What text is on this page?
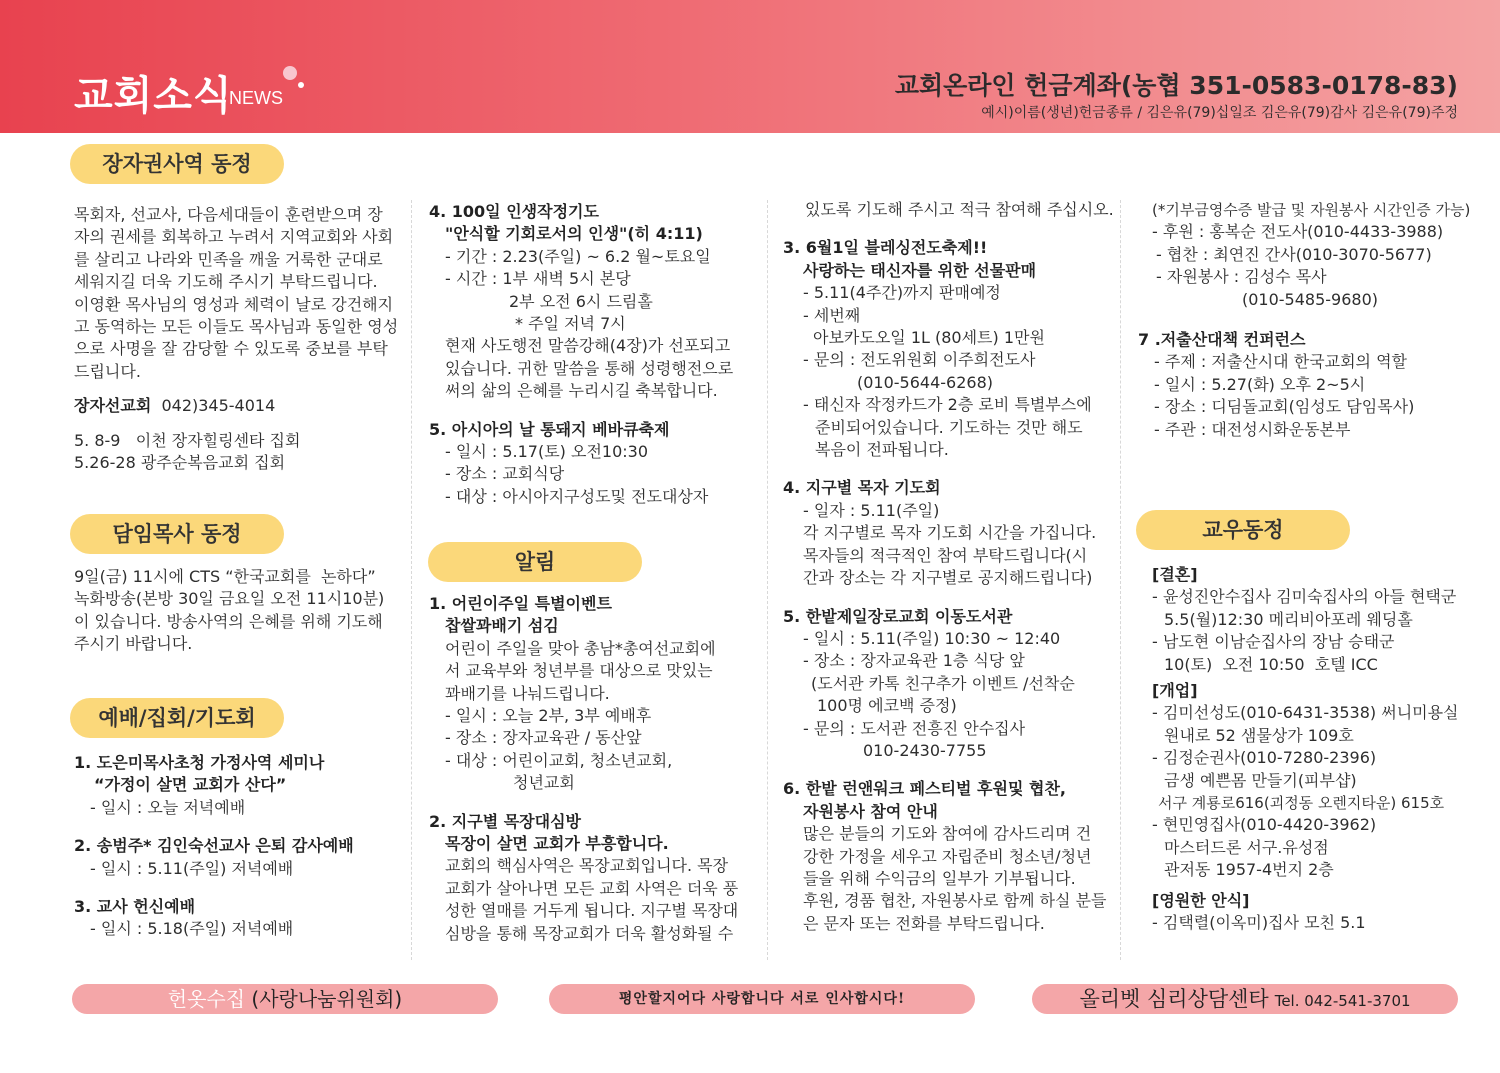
교회소식
NEWS	교회온라인 헌금계좌(농협 351-0583-0178-83)
예시)이름(생년)헌금종류 / 김은유(79)십일조 김은유(79)감사 김은유(79)주정
장자권사역 동정
담임목사 동정
예배/집회/기도회
알림
교우동정

목회자, 선교사, 다음세대들이 훈련받으며 장

자의 권세를 회복하고 누려서 지역교회와 사회

를 살리고 나라와 민족을 깨울 거룩한 군대로

세워지길 더욱 기도해 주시기 부탁드립니다.

이영환 목사님의 영성과 체력이 날로 강건해지

고 동역하는 모든 이들도 목사님과 동일한 영성

으로 사명을 잘 감당할 수 있도록 중보를 부탁

드립니다.

장자선교회 042)345-4014

5. 8-9   이천 장자힐링센타 집회

5.26-28 광주순복음교회 집회

9일(금) 11시에 CTS “한국교회를  논하다”

녹화방송(본방 30일 금요일 오전 11시10분)

이 있습니다. 방송사역의 은혜를 위해 기도해

주시기 바랍니다.

1. 도은미목사초청 가정사역 세미나

“가정이 살면 교회가 산다”

- 일시 : 오늘 저녁예배

2. 송범주* 김인숙선교사 은퇴 감사예배

- 일시 : 5.11(주일) 저녁예배

3. 교사 헌신예배

- 일시 : 5.18(주일) 저녁예배

4. 100일 인생작정기도

"안식할 기회로서의 인생"(히 4:11)

- 기간 : 2.23(주일) ~ 6.2 월~토요일

- 시간 : 1부 새벽 5시 본당

2부 오전 6시 드림홀

* 주일 저녁 7시

현재 사도행전 말씀강해(4장)가 선포되고

있습니다. 귀한 말씀을 통해 성령행전으로

써의 삶의 은혜를 누리시길 축복합니다.

5. 아시아의 날 통돼지 베바큐축제

- 일시 : 5.17(토) 오전10:30

- 장소 : 교회식당

- 대상 : 아시아지구성도및 전도대상자

1. 어린이주일 특별이벤트

찹쌀꽈배기 섬김

어린이 주일을 맞아 총남*총여선교회에

서 교육부와 청년부를 대상으로 맛있는

꽈배기를 나눠드립니다.

- 일시 : 오늘 2부, 3부 예배후

- 장소 : 장자교육관 / 동산앞

- 대상 : 어린이교회, 청소년교회,

청년교회

2. 지구별 목장대심방

목장이 살면 교회가 부흥합니다.

교회의 핵심사역은 목장교회입니다. 목장

교회가 살아나면 모든 교회 사역은 더욱 풍

성한 열매를 거두게 됩니다. 지구별 목장대

심방을 통해 목장교회가 더욱 활성화될 수

있도록 기도해 주시고 적극 참여해 주십시오.

3. 6월1일 블레싱전도축제!!

사랑하는 태신자를 위한 선물판매

- 5.11(4주간)까지 판매예정

- 세번째

아보카도오일 1L (80세트) 1만원

- 문의 : 전도위원회 이주희전도사

(010-5644-6268)

- 태신자 작정카드가 2층 로비 특별부스에

준비되어있습니다. 기도하는 것만 해도

복음이 전파됩니다.

4. 지구별 목자 기도회

- 일자 : 5.11(주일)

각 지구별로 목자 기도회 시간을 가집니다.

목자들의 적극적인 참여 부탁드립니다(시

간과 장소는 각 지구별로 공지해드립니다)

5. 한밭제일장로교회 이동도서관

- 일시 : 5.11(주일) 10:30 ~ 12:40

- 장소 : 장자교육관 1층 식당 앞

(도서관 카톡 친구추가 이벤트 /선착순

100명 에코백 증정)

- 문의 : 도서관 전흥진 안수집사

010-2430-7755

6. 한밭 런앤워크 페스티벌 후원및 협찬,

자원봉사 참여 안내

많은 분들의 기도와 참여에 감사드리며 건

강한 가정을 세우고 자립준비 청소년/청년

들을 위해 수익금의 일부가 기부됩니다.

후원, 경품 협찬, 자원봉사로 함께 하실 분들

은 문자 또는 전화를 부탁드립니다.

(*기부금영수증 발급 및 자원봉사 시간인증 가능)

- 후원 : 홍복순 전도사(010-4433-3988)

- 협찬 : 최연진 간사(010-3070-5677)

- 자원봉사 : 김성수 목사

(010-5485-9680)

7 .저출산대책 컨퍼런스

- 주제 : 저출산시대 한국교회의 역할

- 일시 : 5.27(화) 오후 2~5시

- 장소 : 디딤돌교회(임성도 담임목사)

- 주관 : 대전성시화운동본부

[결혼]

- 윤성진안수집사 김미숙집사의 아들 현택군

5.5(월)12:30 메리비아포레 웨딩홀

- 남도현 이남순집사의 장남 승태군

10(토)  오전 10:50  호텔 ICC

[개업]

- 김미선성도(010-6431-3538) 써니미용실

원내로 52 샘물상가 109호

- 김정순권사(010-7280-2396)

금생 예쁜몸 만들기(피부샵)

서구 계룡로616(괴정동 오렌지타운) 615호

- 현민영집사(010-4420-3962)

마스터드론 서구.유성점

관저동 1957-4번지 2층

[영원한 안식]

- 김택렬(이옥미)집사 모친 5.1

헌옷수집 (사랑나눔위원회)	평안할지어다 사랑합니다 서로 인사합시다!	올리벳 심리상담센타 Tel. 042-541-3701
